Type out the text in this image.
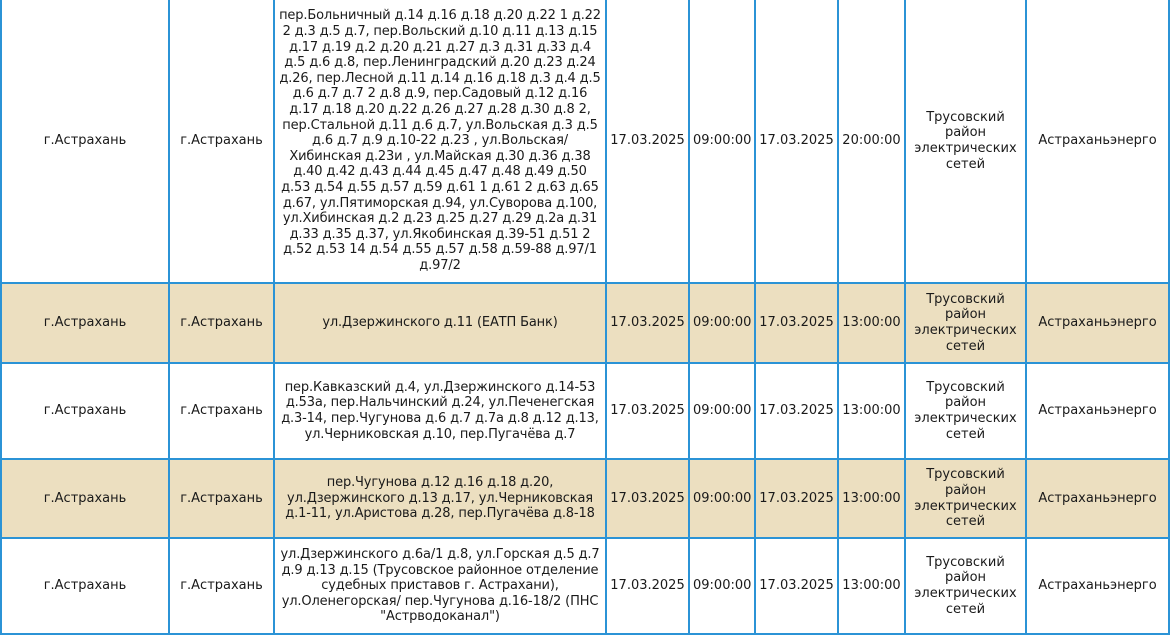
г.Астрахань	г.Астрахань	пер.Больничный д.14 д.16 д.18 д.20 д.22 1 д.22 2 д.3 д.5 д.7, пер.Вольский д.10 д.11 д.13 д.15 д.17 д.19 д.2 д.20 д.21 д.27 д.3 д.31 д.33 д.4 д.5 д.6 д.8, пер.Ленинградский д.20 д.23 д.24 д.26, пер.Лесной д.11 д.14 д.16 д.18 д.3 д.4 д.5 д.6 д.7 д.7 2 д.8 д.9, пер.Садовый д.12 д.16 д.17 д.18 д.20 д.22 д.26 д.27 д.28 д.30 д.8 2, пер.Стальной д.11 д.6 д.7, ул.Вольская д.3 д.5 д.6 д.7 д.9 д.10-22 д.23 , ул.Вольская/ Хибинская д.23и , ул.Майская д.30 д.36 д.38 д.40 д.42 д.43 д.44 д.45 д.47 д.48 д.49 д.50 д.53 д.54 д.55 д.57 д.59 д.61 1 д.61 2 д.63 д.65 д.67, ул.Пятиморская д.94, ул.Суворова д.100, ул.Хибинская д.2 д.23 д.25 д.27 д.29 д.2а д.31 д.33 д.35 д.37, ул.Якобинская д.39-51 д.51 2 д.52 д.53 14 д.54 д.55 д.57 д.58 д.59-88 д.97/1 д.97/2	17.03.2025	09:00:00	17.03.2025	20:00:00	Трусовский район электрических сетей	Астраханьэнерго
г.Астрахань	г.Астрахань	ул.Дзержинского д.11 (ЕАТП Банк)	17.03.2025	09:00:00	17.03.2025	13:00:00	Трусовский район электрических сетей	Астраханьэнерго
г.Астрахань	г.Астрахань	пер.Кавказский д.4, ул.Дзержинского д.14-53 д.53а, пер.Нальчинский д.24, ул.Печенегская д.3-14, пер.Чугунова д.6 д.7 д.7а д.8 д.12 д.13, ул.Черниковская д.10, пер.Пугачёва д.7	17.03.2025	09:00:00	17.03.2025	13:00:00	Трусовский район электрических сетей	Астраханьэнерго
г.Астрахань	г.Астрахань	пер.Чугунова д.12 д.16 д.18 д.20, ул.Дзержинского д.13 д.17, ул.Черниковская д.1-11, ул.Аристова д.28, пер.Пугачёва д.8-18	17.03.2025	09:00:00	17.03.2025	13:00:00	Трусовский район электрических сетей	Астраханьэнерго
г.Астрахань	г.Астрахань	ул.Дзержинского д.6а/1 д.8, ул.Горская д.5 д.7 д.9 д.13 д.15 (Трусовское районное отделение судебных приставов г. Астрахани), ул.Оленегорская/ пер.Чугунова д.16-18/2 (ПНС "Астрводоканал")	17.03.2025	09:00:00	17.03.2025	13:00:00	Трусовский район электрических сетей	Астраханьэнерго
